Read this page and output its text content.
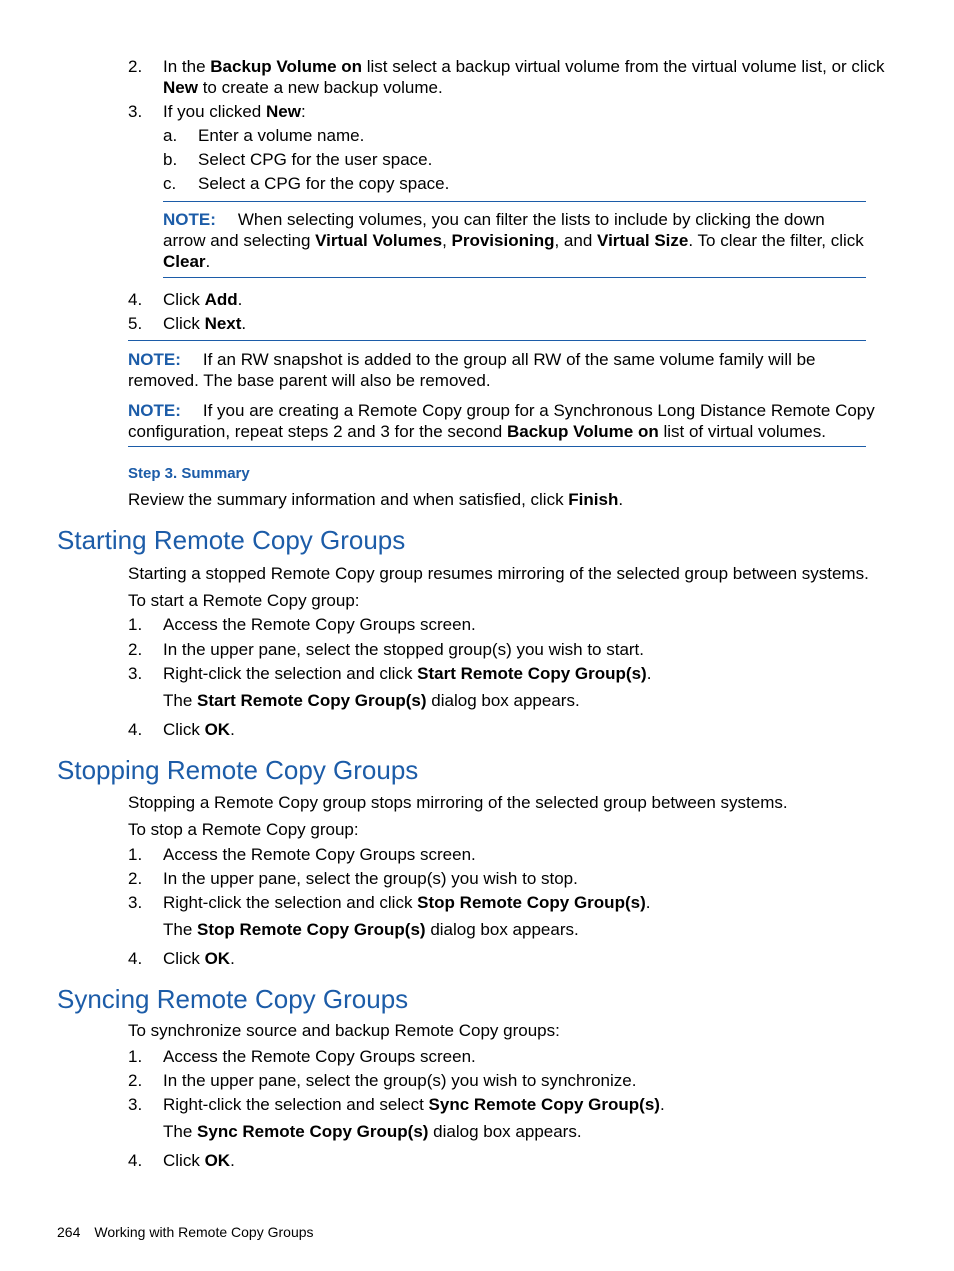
2. In the Backup Volume on list select a backup virtual volume from the virtual volume list, or click
New to create a new backup volume.
3. If you clicked New:
a. Enter a volume name.
b. Select CPG for the user space.
c. Select a CPG for the copy space.
NOTE: When selecting volumes, you can filter the lists to include by clicking the down
arrow and selecting Virtual Volumes, Provisioning, and Virtual Size. To clear the filter, click
Clear.
4. Click Add.
5. Click Next.
NOTE: If an RW snapshot is added to the group all RW of the same volume family will be
removed. The base parent will also be removed.
NOTE: If you are creating a Remote Copy group for a Synchronous Long Distance Remote Copy
configuration, repeat steps 2 and 3 for the second Backup Volume on list of virtual volumes.
Step 3. Summary
Review the summary information and when satisfied, click Finish.
Starting Remote Copy Groups
Starting a stopped Remote Copy group resumes mirroring of the selected group between systems.
To start a Remote Copy group:
1. Access the Remote Copy Groups screen.
2. In the upper pane, select the stopped group(s) you wish to start.
3. Right-click the selection and click Start Remote Copy Group(s).
The Start Remote Copy Group(s) dialog box appears.
4. Click OK.
Stopping Remote Copy Groups
Stopping a Remote Copy group stops mirroring of the selected group between systems.
To stop a Remote Copy group:
1. Access the Remote Copy Groups screen.
2. In the upper pane, select the group(s) you wish to stop.
3. Right-click the selection and click Stop Remote Copy Group(s).
The Stop Remote Copy Group(s) dialog box appears.
4. Click OK.
Syncing Remote Copy Groups
To synchronize source and backup Remote Copy groups:
1. Access the Remote Copy Groups screen.
2. In the upper pane, select the group(s) you wish to synchronize.
3. Right-click the selection and select Sync Remote Copy Group(s).
The Sync Remote Copy Group(s) dialog box appears.
4. Click OK.
264 Working with Remote Copy Groups
